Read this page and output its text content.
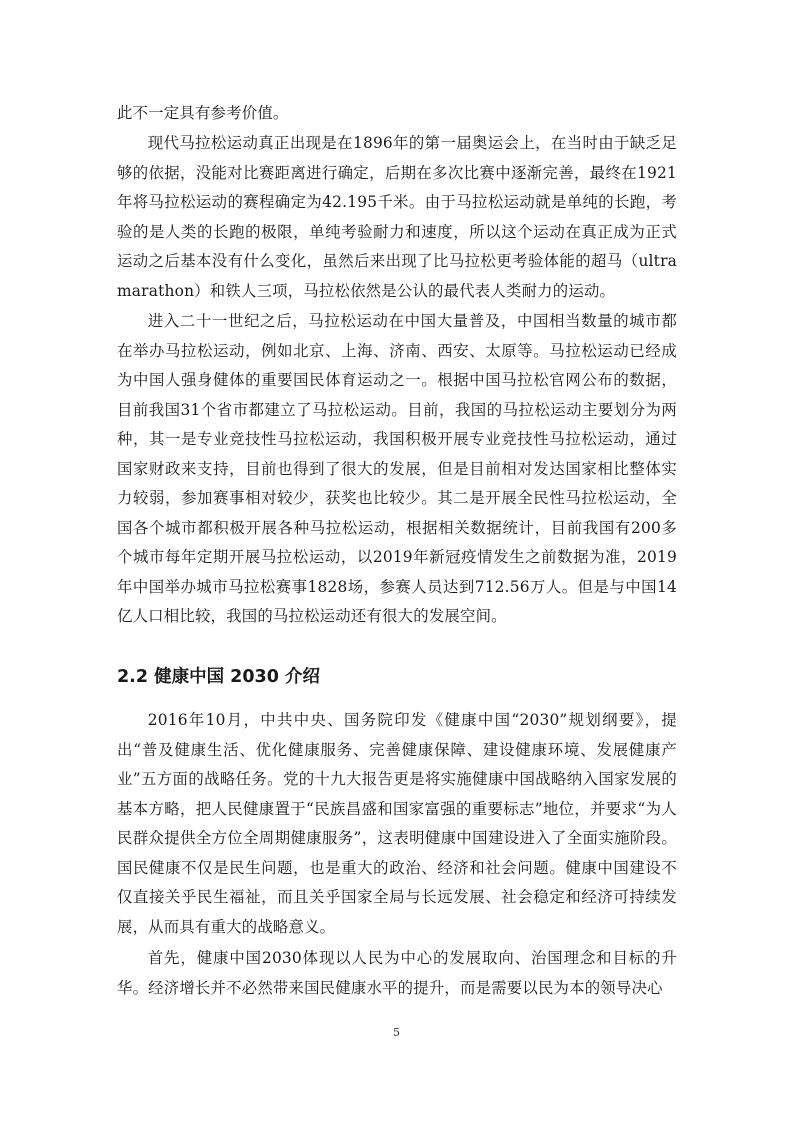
此不一定具有参考价值。

现代马拉松运动真正出现是在1896年的第一届奥运会上，在当时由于缺乏足够的依据，没能对比赛距离进行确定，后期在多次比赛中逐渐完善，最终在1921年将马拉松运动的赛程确定为42.195千米。由于马拉松运动就是单纯的长跑，考验的是人类的长跑的极限，单纯考验耐力和速度，所以这个运动在真正成为正式运动之后基本没有什么变化，虽然后来出现了比马拉松更考验体能的超马（ultra marathon）和铁人三项，马拉松依然是公认的最代表人类耐力的运动。

进入二十一世纪之后，马拉松运动在中国大量普及，中国相当数量的城市都在举办马拉松运动，例如北京、上海、济南、西安、太原等。马拉松运动已经成为中国人强身健体的重要国民体育运动之一。根据中国马拉松官网公布的数据，目前我国31个省市都建立了马拉松运动。目前，我国的马拉松运动主要划分为两种，其一是专业竞技性马拉松运动，我国积极开展专业竞技性马拉松运动，通过国家财政来支持，目前也得到了很大的发展，但是目前相对发达国家相比整体实力较弱，参加赛事相对较少，获奖也比较少。其二是开展全民性马拉松运动，全国各个城市都积极开展各种马拉松运动，根据相关数据统计，目前我国有200多个城市每年定期开展马拉松运动，以2019年新冠疫情发生之前数据为准，2019年中国举办城市马拉松赛事1828场，参赛人员达到712.56万人。但是与中国14亿人口相比较，我国的马拉松运动还有很大的发展空间。

2.2 健康中国 2030 介绍

2016年10月，中共中央、国务院印发《健康中国“2030”规划纲要》，提出“普及健康生活、优化健康服务、完善健康保障、建设健康环境、发展健康产业”五方面的战略任务。党的十九大报告更是将实施健康中国战略纳入国家发展的基本方略，把人民健康置于“民族昌盛和国家富强的重要标志”地位，并要求“为人民群众提供全方位全周期健康服务”，这表明健康中国建设进入了全面实施阶段。国民健康不仅是民生问题，也是重大的政治、经济和社会问题。健康中国建设不仅直接关乎民生福祉，而且关乎国家全局与长远发展、社会稳定和经济可持续发展，从而具有重大的战略意义。

首先，健康中国2030体现以人民为中心的发展取向、治国理念和目标的升华。经济增长并不必然带来国民健康水平的提升，而是需要以民为本的领导决心

5
